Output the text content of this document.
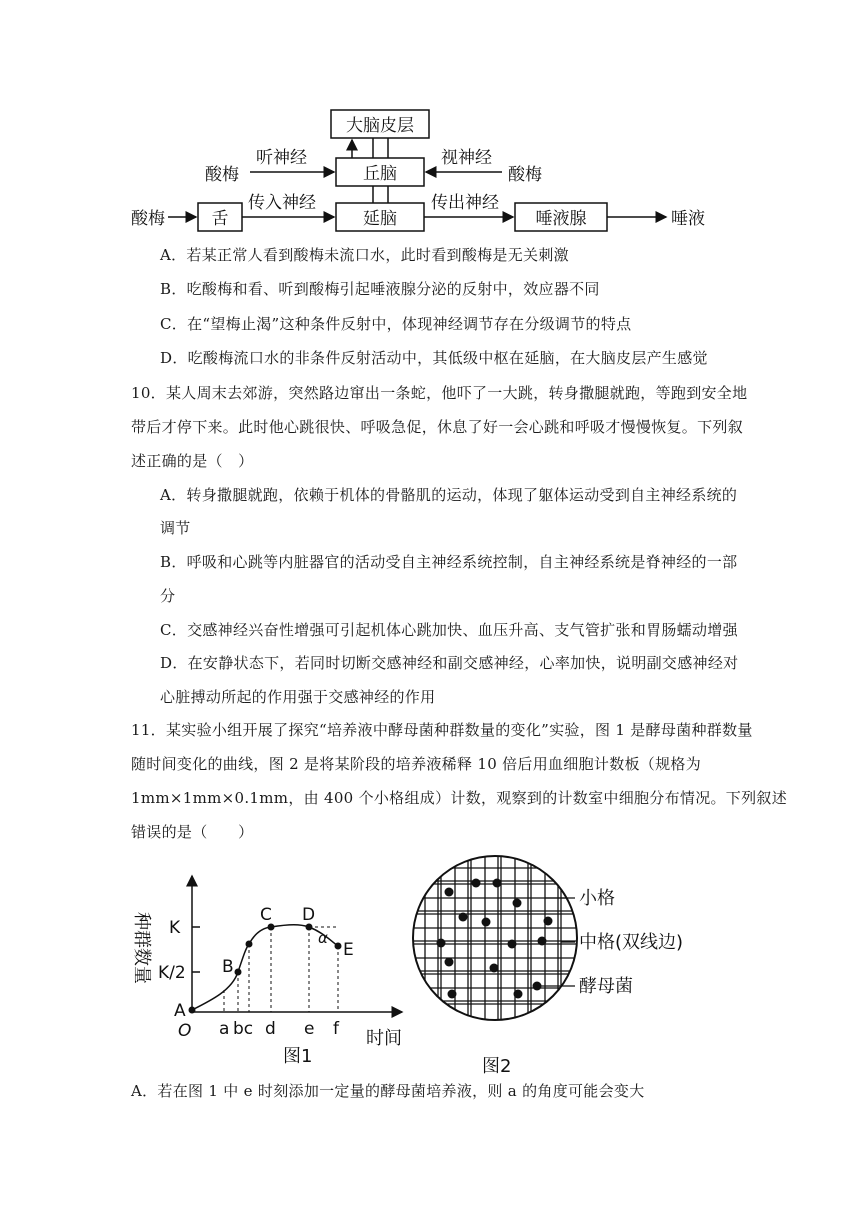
大脑皮层
丘脑
延脑
舌	唾液腺
酸梅
听神经
酸梅
视神经
酸梅
传入神经	传出神经
唾液
A．若某正常人看到酸梅未流口水，此时看到酸梅是无关刺激
B．吃酸梅和看、听到酸梅引起唾液腺分泌的反射中，效应器不同
C．在“望梅止渴”这种条件反射中，体现神经调节存在分级调节的特点
D．吃酸梅流口水的非条件反射活动中，其低级中枢在延脑，在大脑皮层产生感觉
10．某人周末去郊游，突然路边窜出一条蛇，他吓了一大跳，转身撒腿就跑，等跑到安全地
带后才停下来。此时他心跳很快、呼吸急促，休息了好一会心跳和呼吸才慢慢恢复。下列叙
述正确的是（　）
A．转身撒腿就跑，依赖于机体的骨骼肌的运动，体现了躯体运动受到自主神经系统的
调节
B．呼吸和心跳等内脏器官的活动受自主神经系统控制，自主神经系统是脊神经的一部
分
C．交感神经兴奋性增强可引起机体心跳加快、血压升高、支气管扩张和胃肠蠕动增强
D．在安静状态下，若同时切断交感神经和副交感神经，心率加快，说明副交感神经对
心脏搏动所起的作用强于交感神经的作用
11．某实验小组开展了探究“培养液中酵母菌种群数量的变化”实验，图 1 是酵母菌种群数量
随时间变化的曲线，图 2 是将某阶段的培养液稀释 10 倍后用血细胞计数板（规格为
1mm×1mm×0.1mm，由 400 个小格组成）计数，观察到的计数室中细胞分布情况。下列叙述
错误的是（　　）
种群数量
时间
O
K
K/2
A
B
C D
E
α
a bc d e f
图1
小格
中格(双线边)
酵母菌
图2
A．若在图 1 中 e 时刻添加一定量的酵母菌培养液，则 a 的角度可能会变大
